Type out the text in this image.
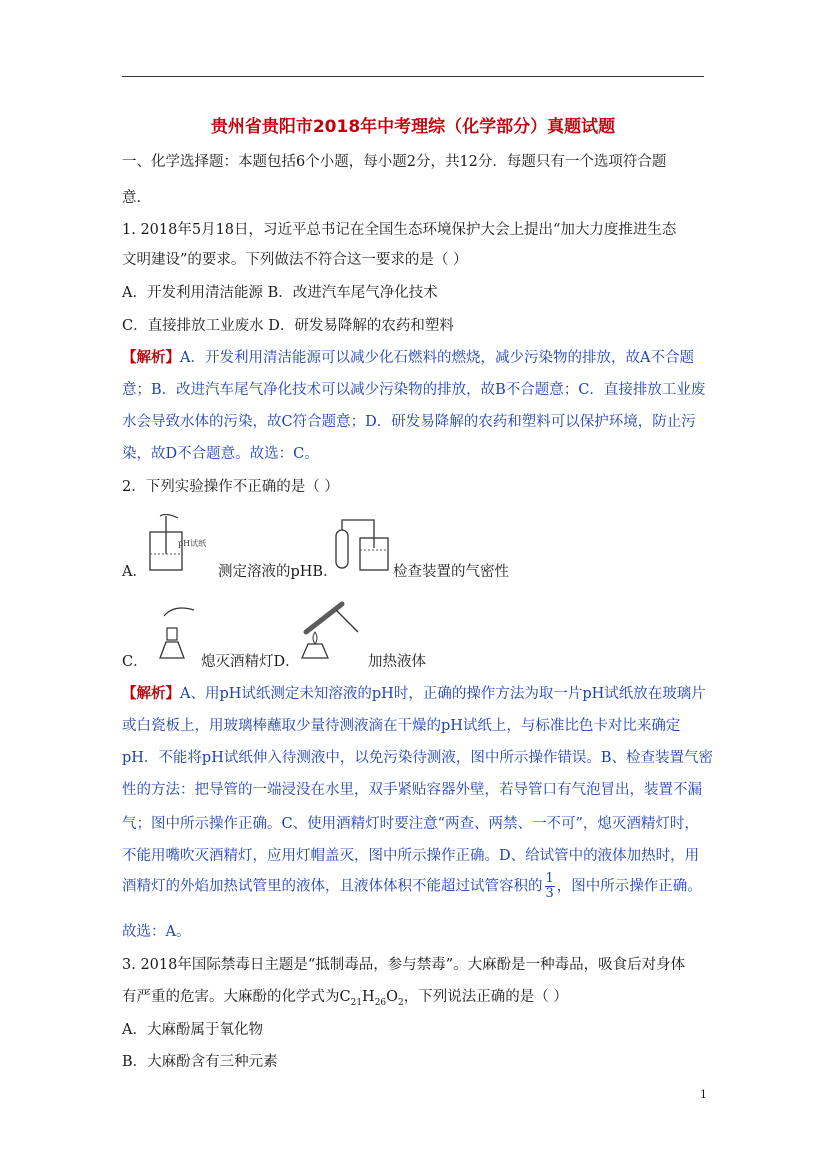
贵州省贵阳市2018年中考理综（化学部分）真题试题
一、化学选择题：本题包括6个小题，每小题2分，共12分．每题只有一个选项符合题
意.
1. 2018年5月18日，习近平总书记在全国生态环境保护大会上提出“加大力度推进生态
文明建设”的要求。下列做法不符合这一要求的是（ ）
A．开发利用清洁能源 B．改进汽车尾气净化技术
C．直接排放工业废水 D．研发易降解的农药和塑料
【解析】A．开发利用清洁能源可以减少化石燃料的燃烧，减少污染物的排放，故A不合题
意；B．改进汽车尾气净化技术可以减少污染物的排放，故B不合题意；C．直接排放工业废
水会导致水体的污染，故C符合题意；D．研发易降解的农药和塑料可以保护环境，防止污
染，故D不合题意。故选：C。
2．下列实验操作不正确的是（ ）
pH试纸
A．	测定溶液的pHB．	检查装置的气密性
C．	熄灭酒精灯D．	加热液体
【解析】A、用pH试纸测定未知溶液的pH时，正确的操作方法为取一片pH试纸放在玻璃片
或白瓷板上，用玻璃棒蘸取少量待测液滴在干燥的pH试纸上，与标准比色卡对比来确定
pH．不能将pH试纸伸入待测液中，以免污染待测液，图中所示操作错误。B、检查装置气密
性的方法：把导管的一端浸没在水里，双手紧贴容器外壁，若导管口有气泡冒出，装置不漏
气；图中所示操作正确。C、使用酒精灯时要注意“两查、两禁、一不可”，熄灭酒精灯时，
不能用嘴吹灭酒精灯，应用灯帽盖灭，图中所示操作正确。D、给试管中的液体加热时，用
酒精灯的外焰加热试管里的液体，且液体体积不能超过试管容积的 $\frac{1}{3}$ ，图中所示操作正确。
故选：A。
3. 2018年国际禁毒日主题是“抵制毒品，参与禁毒”。大麻酚是一种毒品，吸食后对身体
有严重的危害。大麻酚的化学式为$C_{21}H_{26}O_2$，下列说法正确的是（ ）
A．大麻酚属于氧化物
B．大麻酚含有三种元素
1
